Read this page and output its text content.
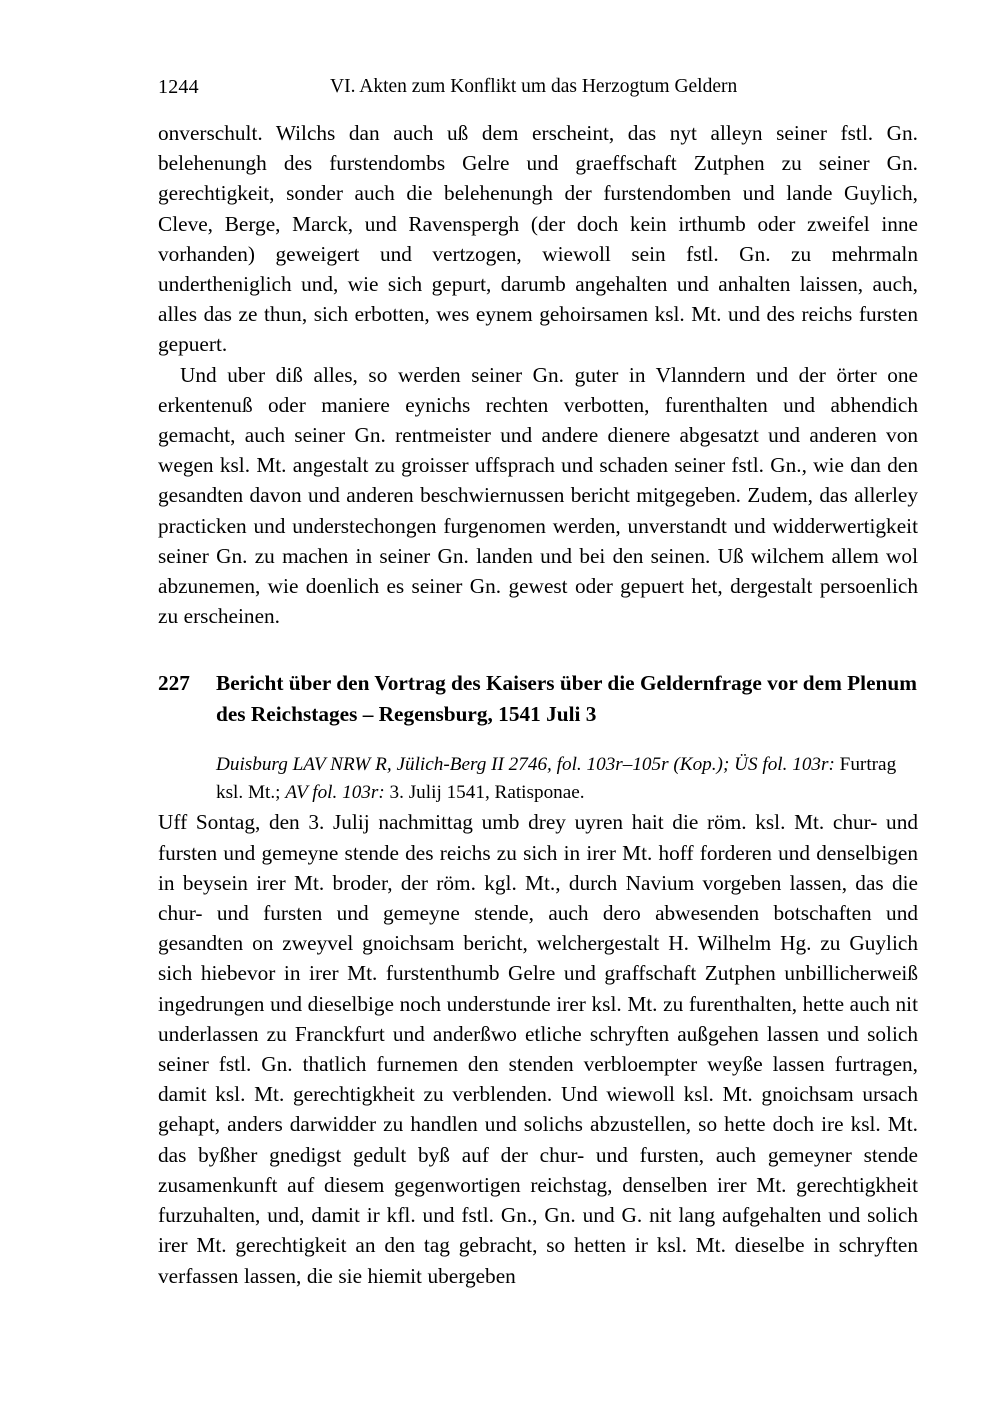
1244	VI. Akten zum Konflikt um das Herzogtum Geldern

onverschult. Wilchs dan auch uß dem erscheint, das nyt alleyn seiner fstl. Gn. belehenungh des furstendombs Gelre und graeffschaft Zutphen zu seiner Gn. gerechtigkeit, sonder auch die belehenungh der furstendomben und lande Guylich, Cleve, Berge, Marck, und Ravenspergh (der doch kein irthumb oder zweifel inne vorhanden) geweigert und vertzogen, wiewoll sein fstl. Gn. zu mehrmaln undertheniglich und, wie sich gepurt, darumb angehalten und anhalten laissen, auch, alles das ze thun, sich erbotten, wes eynem gehoirsamen ksl. Mt. und des reichs fursten gepuert.

Und uber diß alles, so werden seiner Gn. guter in Vlanndern und der örter one erkentenuß oder maniere eynichs rechten verbotten, furenthalten und abhendich gemacht, auch seiner Gn. rentmeister und andere dienere abgesatzt und anderen von wegen ksl. Mt. angestalt zu groisser uffsprach und schaden seiner fstl. Gn., wie dan den gesandten davon und anderen beschwiernussen bericht mitgegeben. Zudem, das allerley practicken und understechongen furgenomen werden, unverstandt und widderwertigkeit seiner Gn. zu machen in seiner Gn. landen und bei den seinen. Uß wilchem allem wol abzunemen, wie doenlich es seiner Gn. gewest oder gepuert het, dergestalt persoenlich zu erscheinen.

227 Bericht über den Vortrag des Kaisers über die Geldernfrage vor dem Plenum des Reichstages – Regensburg, 1541 Juli 3
Duisburg LAV NRW R, Jülich-Berg II 2746, fol. 103r–105r (Kop.); ÜS fol. 103r: Furtrag ksl. Mt.; AV fol. 103r: 3. Julij 1541, Ratisponae.

Uff Sontag, den 3. Julij nachmittag umb drey uyren hait die röm. ksl. Mt. chur- und fursten und gemeyne stende des reichs zu sich in irer Mt. hoff forderen und denselbigen in beysein irer Mt. broder, der röm. kgl. Mt., durch Navium vorgeben lassen, das die chur- und fursten und gemeyne stende, auch dero abwesenden botschaften und gesandten on zweyvel gnoichsam bericht, welchergestalt H. Wilhelm Hg. zu Guylich sich hiebevor in irer Mt. furstenthumb Gelre und graffschaft Zutphen unbillicherweiß ingedrungen und dieselbige noch understunde irer ksl. Mt. zu furenthalten, hette auch nit underlassen zu Franckfurt und anderßwo etliche schryften außgehen lassen und solich seiner fstl. Gn. thatlich furnemen den stenden verbloempter weyße lassen furtragen, damit ksl. Mt. gerechtigkheit zu verblenden. Und wiewoll ksl. Mt. gnoichsam ursach gehapt, anders darwidder zu handlen und solichs abzustellen, so hette doch ire ksl. Mt. das byßher gnedigst gedult byß auf der chur- und fursten, auch gemeyner stende zusamenkunft auf diesem gegenwortigen reichstag, denselben irer Mt. gerechtigkheit furzuhalten, und, damit ir kfl. und fstl. Gn., Gn. und G. nit lang aufgehalten und solich irer Mt. gerechtigkeit an den tag gebracht, so hetten ir ksl. Mt. dieselbe in schryften verfassen lassen, die sie hiemit ubergeben
